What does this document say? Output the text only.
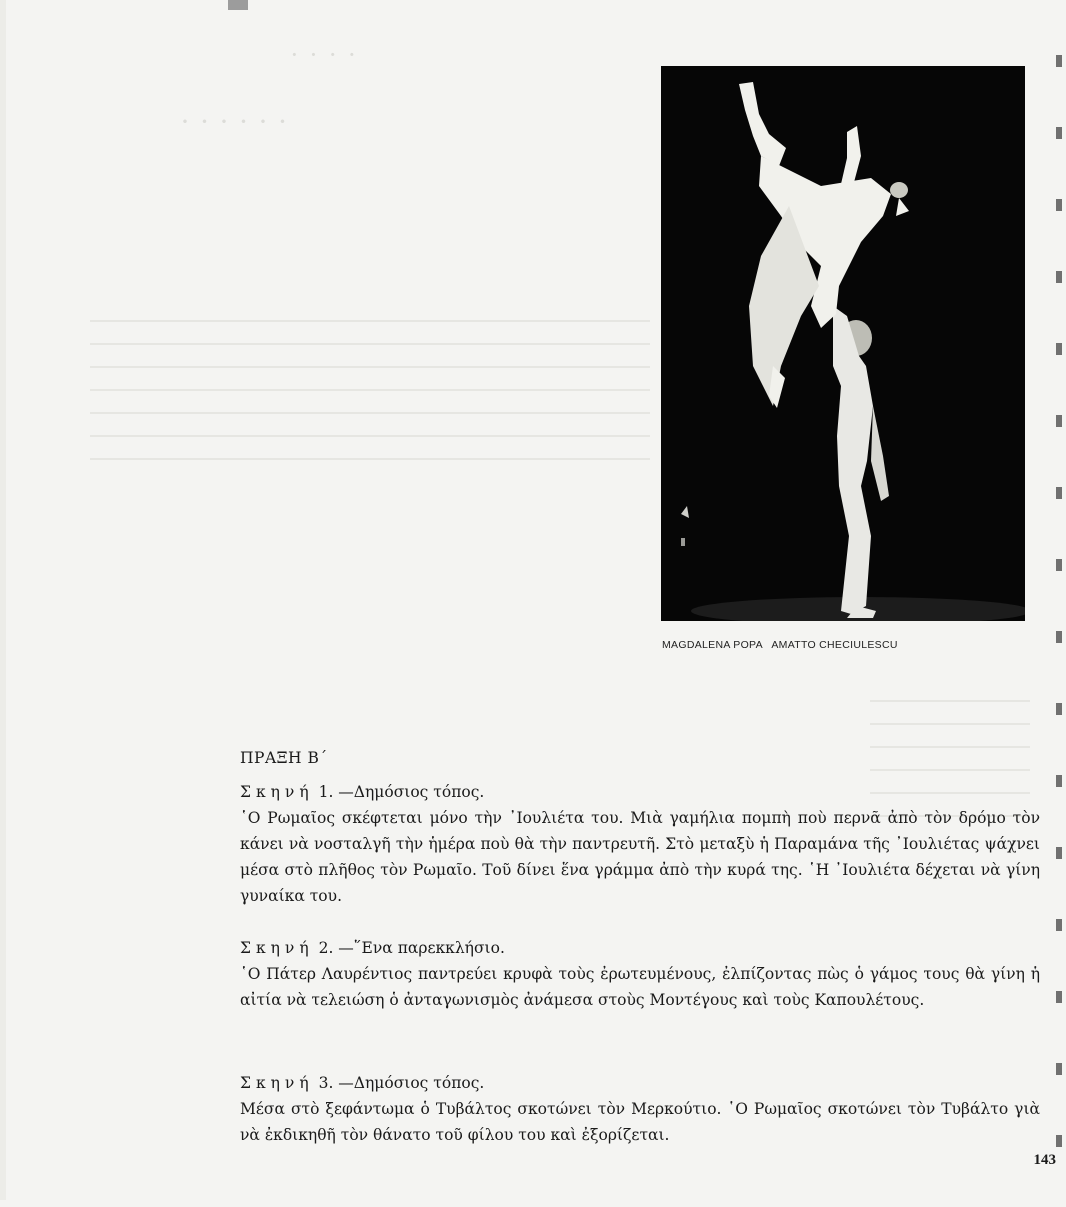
· · · ·
· · · · · ·
MAGDALENA POPA   AMATTO CHECIULESCU
ΠΡΑΞΗ Β΄
Σκηνή 1. —Δημόσιος τόπος.
῾Ο Ρωμαῖος σκέφτεται μόνο τὴν ᾿Ιουλιέτα του. Μιὰ γαμήλια πομπὴ ποὺ περνᾶ ἀπὸ τὸν δρόμο τὸν κάνει νὰ νοσταλγῆ τὴν ἡμέρα ποὺ θὰ τὴν παντρευτῆ. Στὸ μεταξὺ ἡ Παραμάνα τῆς ᾿Ιουλιέτας ψάχνει μέσα στὸ πλῆθος τὸν Ρωμαῖο. Τοῦ δίνει ἕνα γράμμα ἀπὸ τὴν κυρά της. ῾Η ᾿Ιουλιέτα δέχεται νὰ γίνη γυναίκα του.
Σκηνή 2. —῞Ενα παρεκκλήσιο.
῾Ο Πάτερ Λαυρέντιος παντρεύει κρυφὰ τοὺς ἐρωτευμένους, ἐλπίζοντας πὼς ὁ γάμος τους θὰ γίνη ἡ αἰτία νὰ τελειώση ὁ ἀνταγωνισμὸς ἀνάμεσα στοὺς Μοντέγους καὶ τοὺς Καπουλέτους.
Σκηνή 3. —Δημόσιος τόπος.
Μέσα στὸ ξεφάντωμα ὁ Τυβάλτος σκοτώνει τὸν Μερκούτιο. ῾Ο Ρωμαῖος σκοτώνει τὸν Τυβάλτο γιὰ νὰ ἐκδικηθῆ τὸν θάνατο τοῦ φίλου του καὶ ἐξορίζεται.
143
